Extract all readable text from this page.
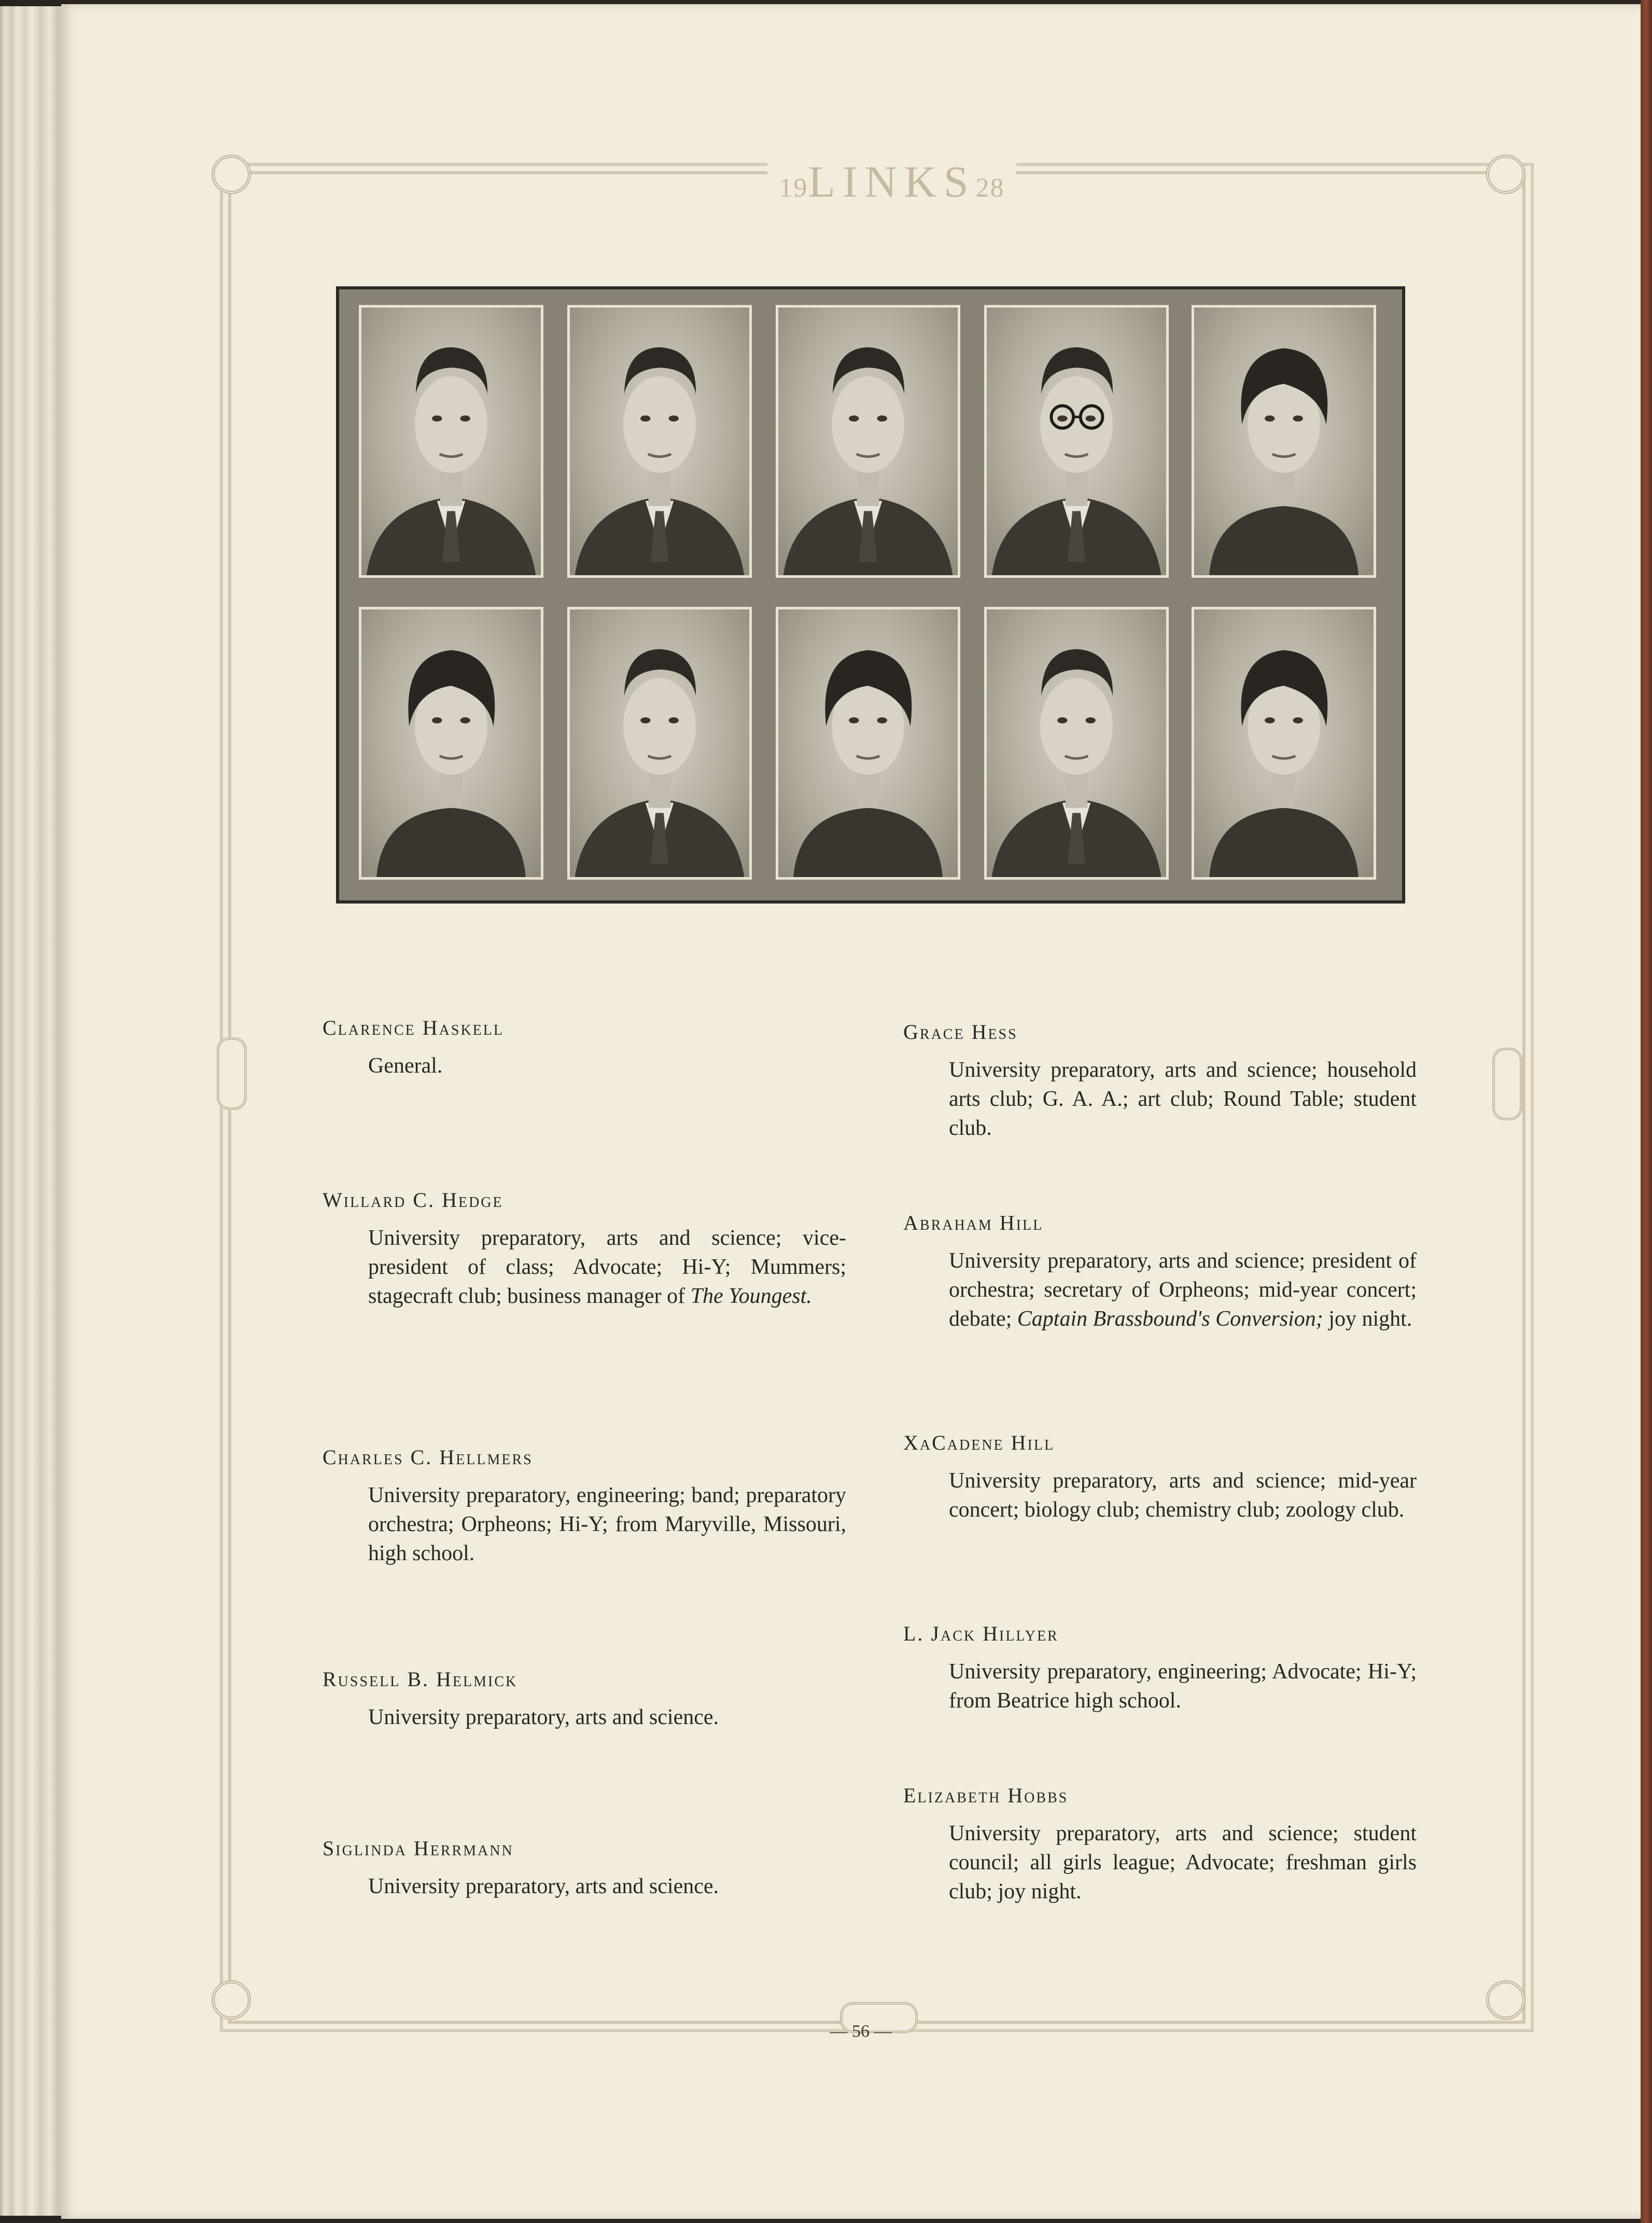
19LINKS28
Clarence Haskell
General.
Willard C. Hedge
University preparatory, arts and science; vice-president of class; Advocate; Hi-Y; Mummers; stagecraft club; business manager of The Youngest.
Charles C. Hellmers
University preparatory, engineering; band; preparatory orchestra; Orpheons; Hi-Y; from Maryville, Missouri, high school.
Russell B. Helmick
University preparatory, arts and science.
Siglinda Herrmann
University preparatory, arts and science.
Grace Hess
University preparatory, arts and science; household arts club; G. A. A.; art club; Round Table; student club.
Abraham Hill
University preparatory, arts and science; president of orchestra; secretary of Orpheons; mid-year concert; debate; Captain Brassbound's Conversion; joy night.
XaCadene Hill
University preparatory, arts and science; mid-year concert; biology club; chemistry club; zoology club.
L. Jack Hillyer
University preparatory, engineering; Advocate; Hi-Y; from Beatrice high school.
Elizabeth Hobbs
University preparatory, arts and science; student council; all girls league; Advocate; freshman girls club; joy night.
— 56 —
